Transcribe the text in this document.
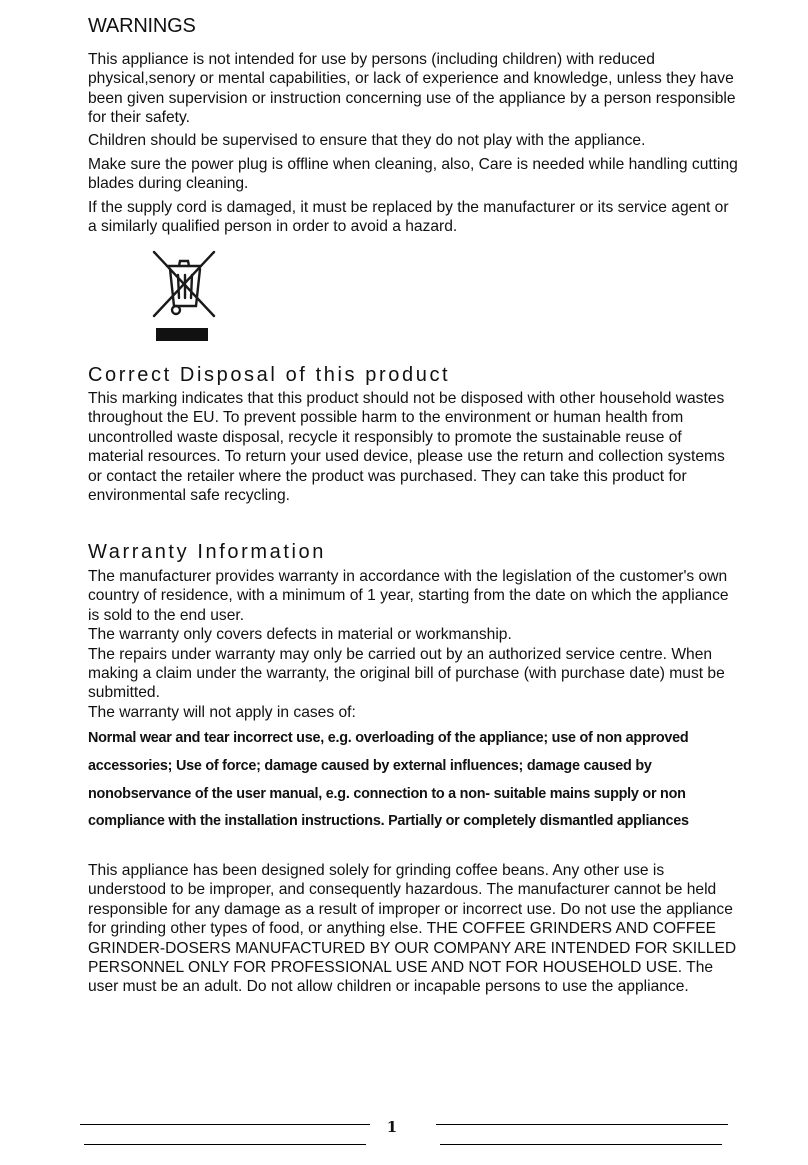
WARNINGS

This appliance is not intended for use by persons (including children) with reduced physical,senory or mental capabilities, or lack of experience and knowledge, unless they have been given supervision or instruction concerning use of the appliance by a person responsible for their safety.

Children should be supervised to ensure that they do not play with the appliance.

Make sure the power plug is offline when cleaning, also, Care is needed while handling cutting blades during cleaning.

If the supply cord is damaged, it must be replaced by the manufacturer or its service agent or a similarly qualified person in order to avoid a hazard.

Correct Disposal of this product

This marking indicates that this product should not be disposed with other household wastes throughout the EU. To prevent possible harm to the environment or human health from uncontrolled waste disposal, recycle it responsibly to promote the sustainable reuse of material resources. To return your used device, please use the return and collection systems or contact the retailer where the product was purchased. They can take this product for environmental safe recycling.

Warranty Information

The manufacturer provides warranty in accordance with the legislation of the customer's own country of residence, with a minimum of 1 year, starting from the date on which the appliance is sold to the end user.
The warranty only covers defects in material or workmanship.
The repairs under warranty may only be carried out by an authorized service centre. When making a claim under the warranty, the original bill of purchase (with purchase date) must be submitted.
The warranty will not apply in cases of:

Normal wear and tear incorrect use, e.g. overloading of the appliance; use of non approved accessories; Use of force; damage caused by external influences; damage caused by nonobservance of the user manual, e.g. connection to a non- suitable mains supply or non compliance with the installation instructions. Partially or completely dismantled appliances

This appliance has been designed solely for grinding coffee beans. Any other use is understood to be improper, and consequently hazardous. The manufacturer cannot be held responsible for any damage as a result of improper or incorrect use. Do not use the appliance for grinding other types of food, or anything else. THE COFFEE GRINDERS AND COFFEE GRINDER-DOSERS MANUFACTURED BY OUR COMPANY ARE INTENDED FOR SKILLED PERSONNEL ONLY FOR PROFESSIONAL USE AND NOT FOR HOUSEHOLD USE. The user must be an adult. Do not allow children or incapable persons to use the appliance.

1
